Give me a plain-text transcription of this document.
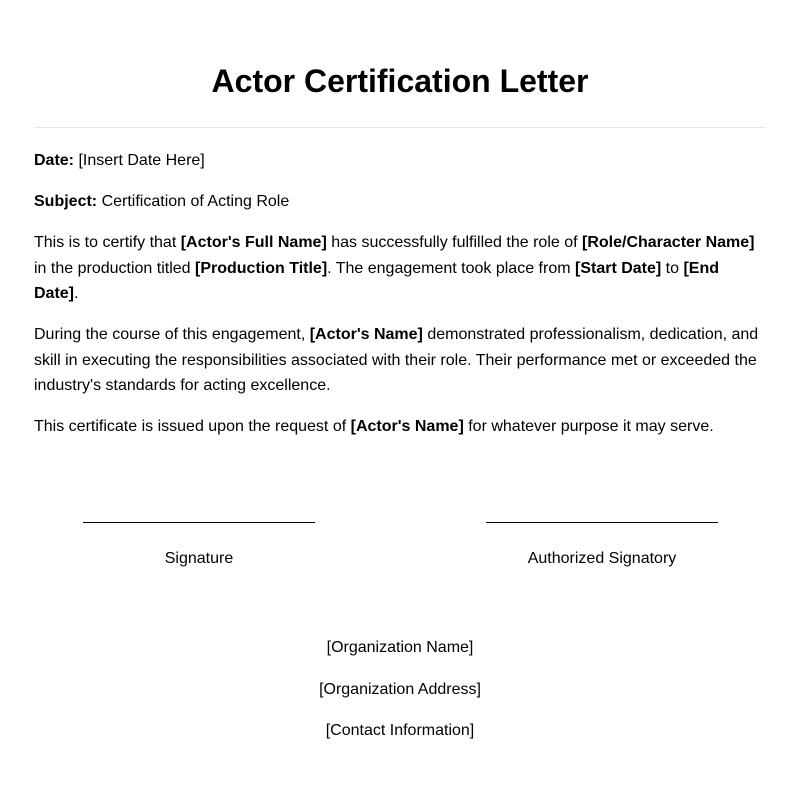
Actor Certification Letter

Date: [Insert Date Here]

Subject: Certification of Acting Role

This is to certify that [Actor's Full Name] has successfully fulfilled the role of [Role/Character Name] in the production titled [Production Title]. The engagement took place from [Start Date] to [End Date].

During the course of this engagement, [Actor's Name] demonstrated professionalism, dedication, and skill in executing the responsibilities associated with their role. Their performance met or exceeded the industry's standards for acting excellence.

This certificate is issued upon the request of [Actor's Name] for whatever purpose it may serve.

Signature	Authorized Signatory
[Organization Name]
[Organization Address]
[Contact Information]
